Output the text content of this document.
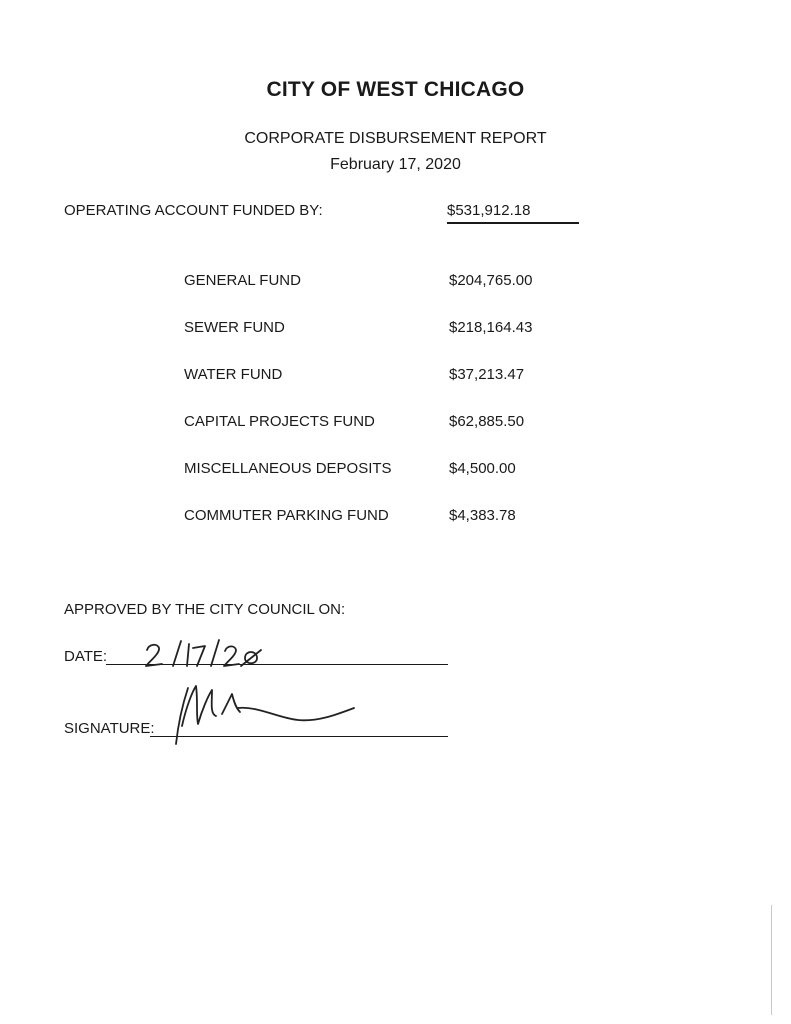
CITY OF WEST CHICAGO
CORPORATE DISBURSEMENT REPORT
February 17, 2020
OPERATING ACCOUNT FUNDED BY:	$531,912.18
GENERAL FUND	$204,765.00
SEWER FUND	$218,164.43
WATER FUND	$37,213.47
CAPITAL PROJECTS FUND	$62,885.50
MISCELLANEOUS DEPOSITS	$4,500.00
COMMUTER PARKING FUND	$4,383.78
APPROVED BY THE CITY COUNCIL ON:
DATE:
SIGNATURE:
